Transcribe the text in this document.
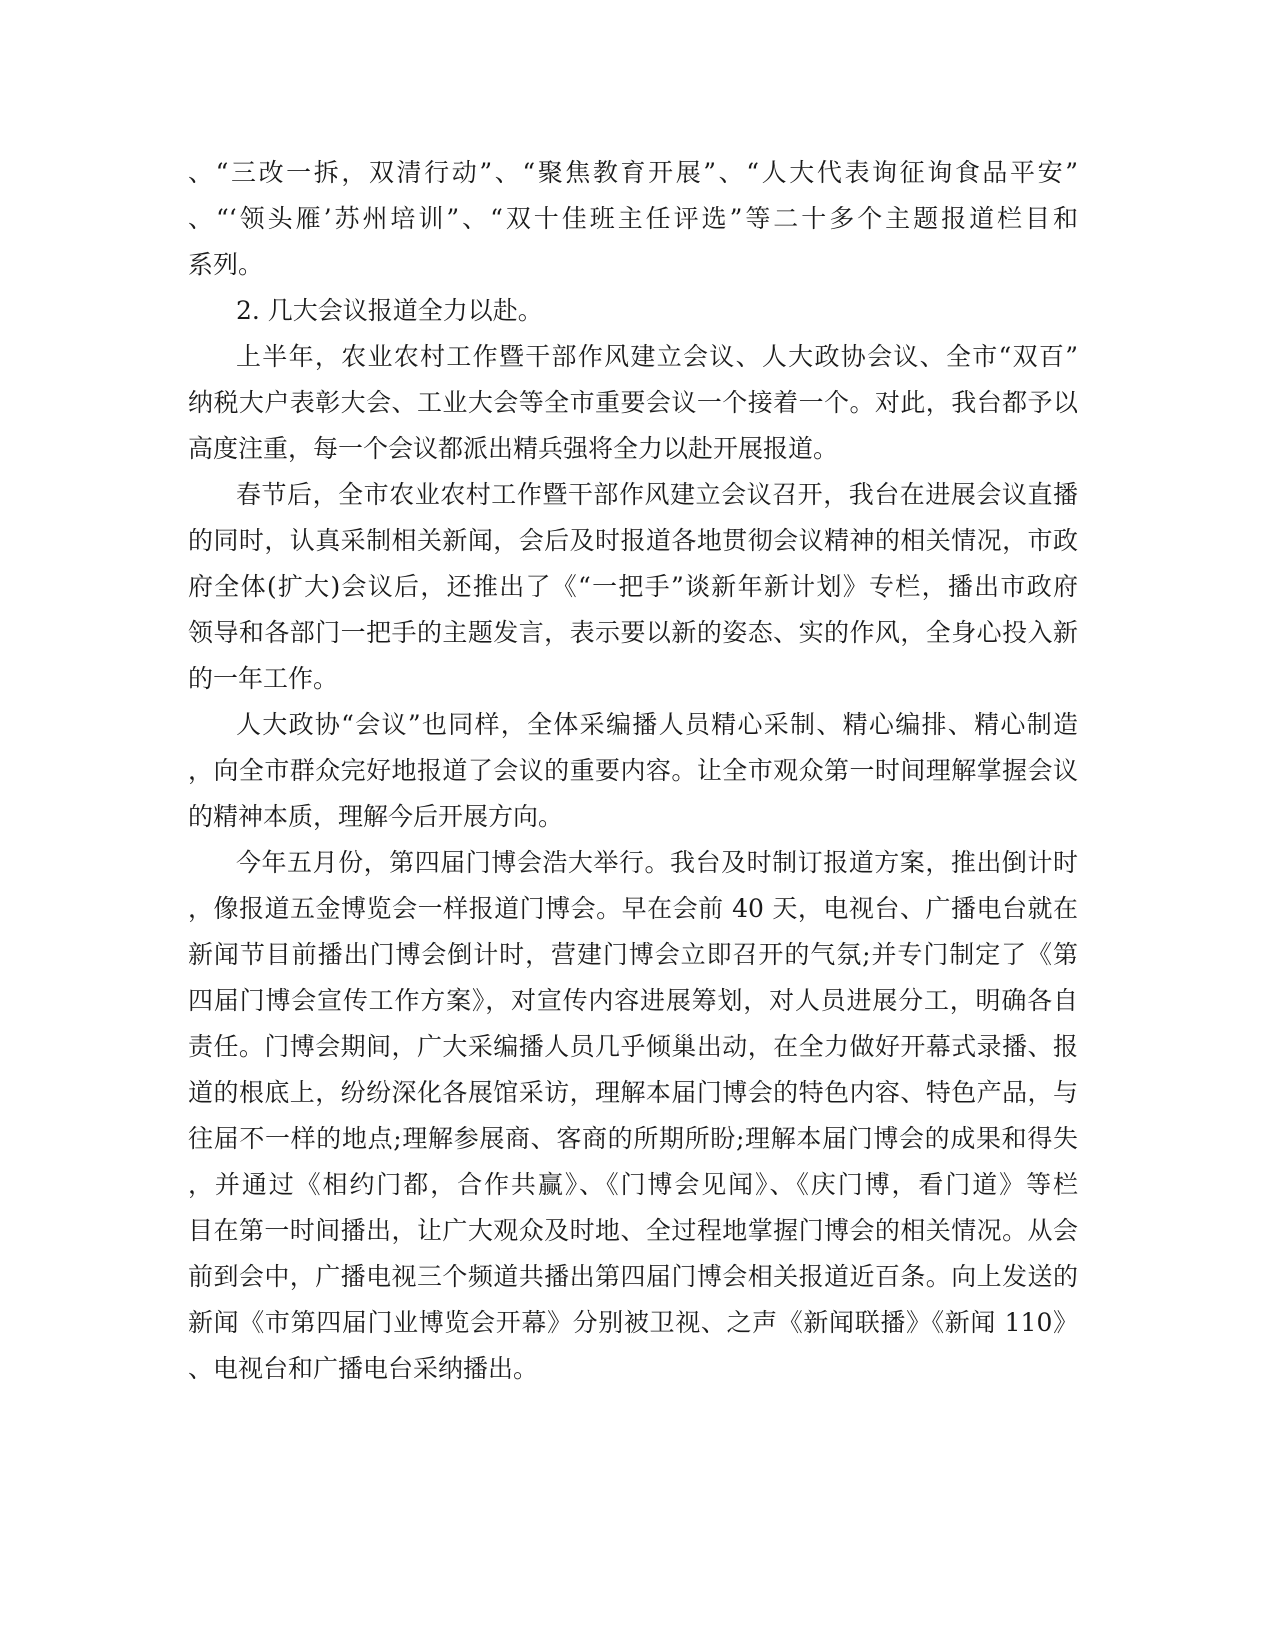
、“三改一拆，双清行动”、“聚焦教育开展”、“人大代表询征询食品平安”
、“‘领头雁’苏州培训”、“双十佳班主任评选”等二十多个主题报道栏目和
系列。
2. 几大会议报道全力以赴。
上半年，农业农村工作暨干部作风建立会议、人大政协会议、全市“双百”
纳税大户表彰大会、工业大会等全市重要会议一个接着一个。对此，我台都予以
高度注重，每一个会议都派出精兵强将全力以赴开展报道。
春节后，全市农业农村工作暨干部作风建立会议召开，我台在进展会议直播
的同时，认真采制相关新闻，会后及时报道各地贯彻会议精神的相关情况，市政
府全体(扩大)会议后，还推出了《“一把手”谈新年新计划》专栏，播出市政府
领导和各部门一把手的主题发言，表示要以新的姿态、实的作风，全身心投入新
的一年工作。
人大政协“会议”也同样，全体采编播人员精心采制、精心编排、精心制造
，向全市群众完好地报道了会议的重要内容。让全市观众第一时间理解掌握会议
的精神本质，理解今后开展方向。
今年五月份，第四届门博会浩大举行。我台及时制订报道方案，推出倒计时
，像报道五金博览会一样报道门博会。早在会前 40 天，电视台、广播电台就在
新闻节目前播出门博会倒计时，营建门博会立即召开的气氛;并专门制定了《第
四届门博会宣传工作方案》，对宣传内容进展筹划，对人员进展分工，明确各自
责任。门博会期间，广大采编播人员几乎倾巢出动，在全力做好开幕式录播、报
道的根底上，纷纷深化各展馆采访，理解本届门博会的特色内容、特色产品，与
往届不一样的地点;理解参展商、客商的所期所盼;理解本届门博会的成果和得失
，并通过《相约门都，合作共赢》、《门博会见闻》、《庆门博，看门道》等栏
目在第一时间播出，让广大观众及时地、全过程地掌握门博会的相关情况。从会
前到会中，广播电视三个频道共播出第四届门博会相关报道近百条。向上发送的
新闻《市第四届门业博览会开幕》分别被卫视、之声《新闻联播》《新闻 110》
、电视台和广播电台采纳播出。
